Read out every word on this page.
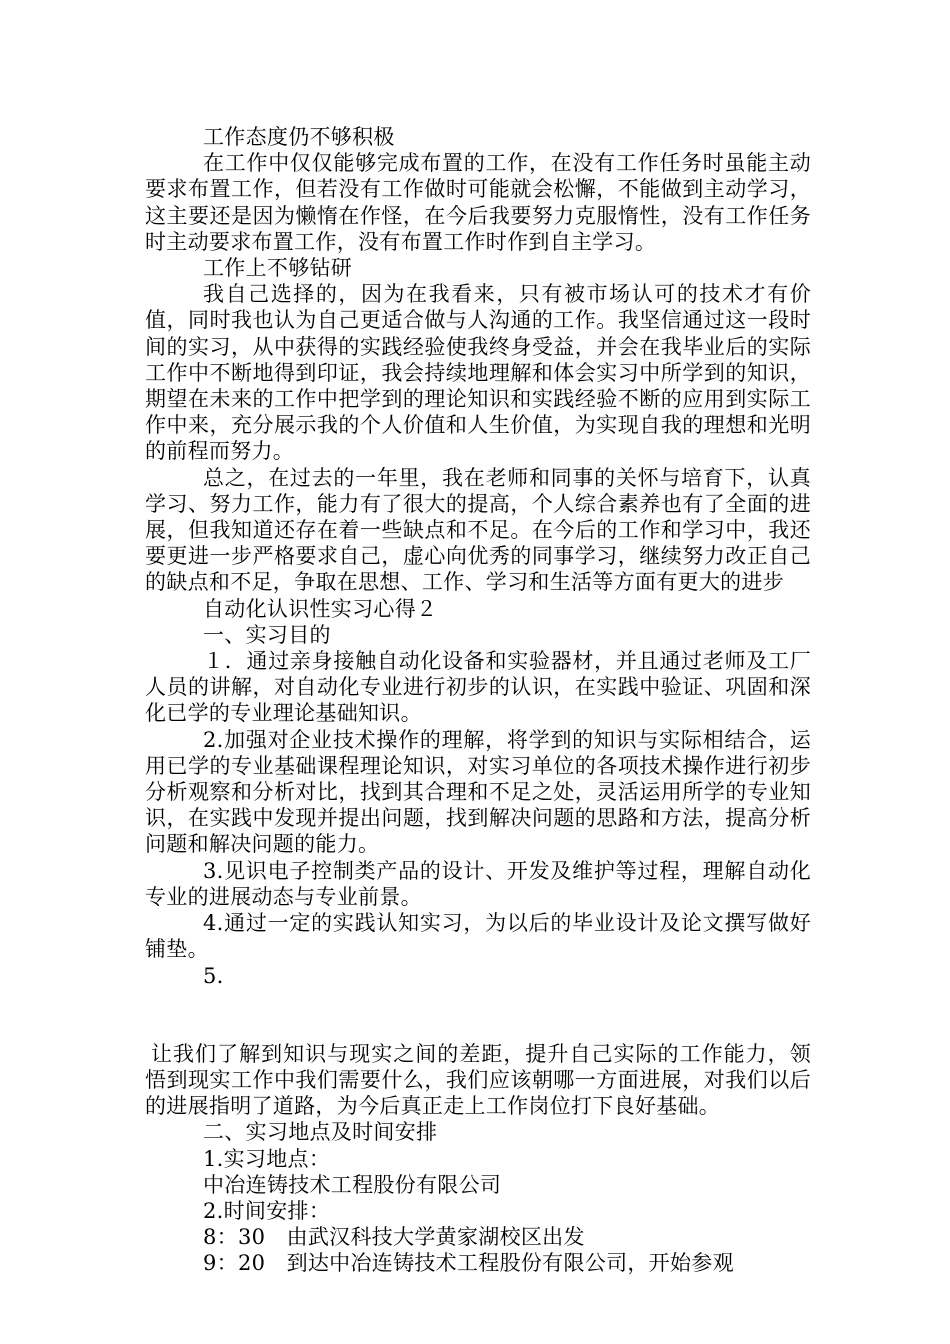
工作态度仍不够积极

在工作中仅仅能够完成布置的工作，在没有工作任务时虽能主动要求布置工作，但若没有工作做时可能就会松懈，不能做到主动学习，这主要还是因为懒惰在作怪，在今后我要努力克服惰性，没有工作任务时主动要求布置工作，没有布置工作时作到自主学习。

工作上不够钻研

我自己选择的，因为在我看来，只有被市场认可的技术才有价值，同时我也认为自己更适合做与人沟通的工作。我坚信通过这一段时间的实习，从中获得的实践经验使我终身受益，并会在我毕业后的实际工作中不断地得到印证，我会持续地理解和体会实习中所学到的知识，期望在未来的工作中把学到的理论知识和实践经验不断的应用到实际工作中来，充分展示我的个人价值和人生价值，为实现自我的理想和光明的前程而努力。

总之，在过去的一年里，我在老师和同事的关怀与培育下，认真学习、努力工作，能力有了很大的提高，个人综合素养也有了全面的进展，但我知道还存在着一些缺点和不足。在今后的工作和学习中，我还要更进一步严格要求自己，虚心向优秀的同事学习，继续努力改正自己的缺点和不足，争取在思想、工作、学习和生活等方面有更大的进步

自动化认识性实习心得２

一、实习目的

１．通过亲身接触自动化设备和实验器材，并且通过老师及工厂人员的讲解，对自动化专业进行初步的认识，在实践中验证、巩固和深化已学的专业理论基础知识。

2.加强对企业技术操作的理解，将学到的知识与实际相结合，运用已学的专业基础课程理论知识，对实习单位的各项技术操作进行初步分析观察和分析对比，找到其合理和不足之处，灵活运用所学的专业知识，在实践中发现并提出问题，找到解决问题的思路和方法，提高分析问题和解决问题的能力。

3.见识电子控制类产品的设计、开发及维护等过程，理解自动化专业的进展动态与专业前景。

4.通过一定的实践认知实习，为以后的毕业设计及论文撰写做好铺垫。

5.

让我们了解到知识与现实之间的差距，提升自己实际的工作能力，领悟到现实工作中我们需要什么，我们应该朝哪一方面进展，对我们以后的进展指明了道路，为今后真正走上工作岗位打下良好基础。

二、实习地点及时间安排

1.实习地点：

中冶连铸技术工程股份有限公司

2.时间安排：

8：30　由武汉科技大学黄家湖校区出发

9：20　到达中冶连铸技术工程股份有限公司，开始参观
